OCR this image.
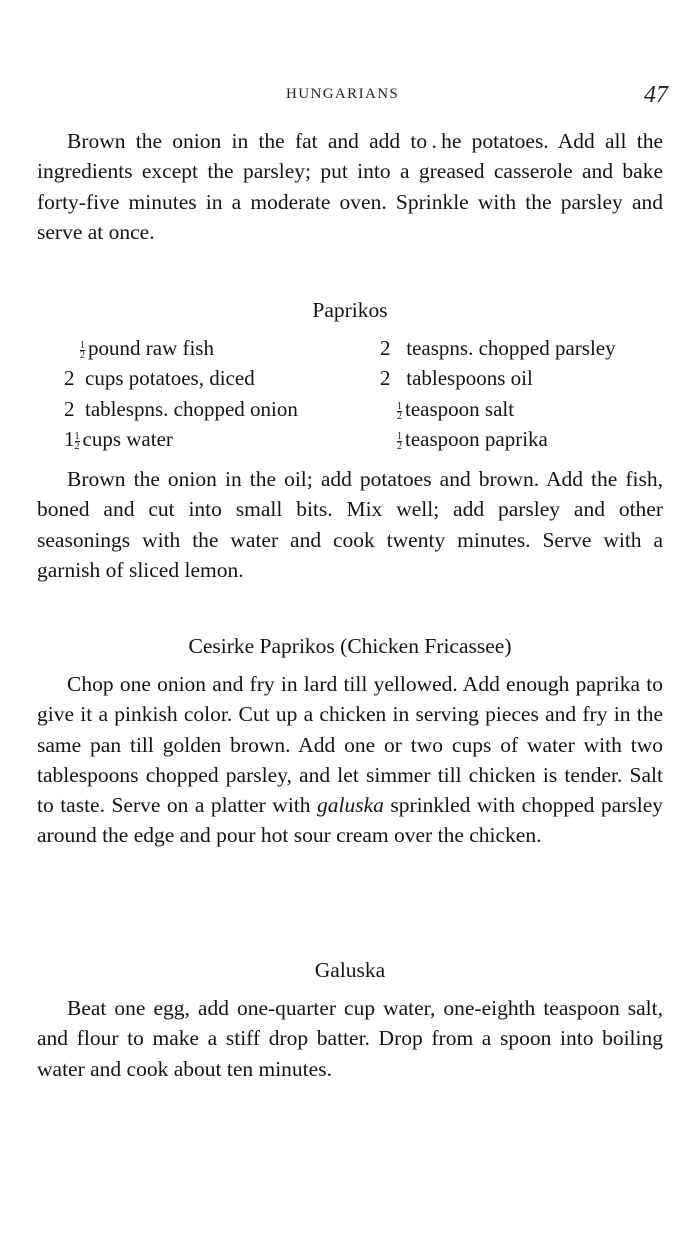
HUNGARIANS	47

Brown the onion in the fat and add to . he potatoes. Add all the ingredients except the parsley; put into a greased casserole and bake forty-five minutes in a moderate oven. Sprinkle with the parsley and serve at once.

Paprikos
$\frac{1}{2}$ pound raw fish
2 cups potatoes, diced
2 tablespns. chopped onion
$1 \frac{1}{2}$ cups water
2 teaspns. chopped parsley
2 tablespoons oil
$\frac{1}{2}$ teaspoon salt
$\frac{1}{2}$ teaspoon paprika

Brown the onion in the oil; add potatoes and brown. Add the fish, boned and cut into small bits. Mix well; add parsley and other seasonings with the water and cook twenty minutes. Serve with a garnish of sliced lemon.

Cesirke Paprikos (Chicken Fricassee)

Chop one onion and fry in lard till yellowed. Add enough paprika to give it a pinkish color. Cut up a chicken in serving pieces and fry in the same pan till golden brown. Add one or two cups of water with two tablespoons chopped parsley, and let simmer till chicken is tender. Salt to taste. Serve on a platter with galuska sprinkled with chopped parsley around the edge and pour hot sour cream over the chicken.

Galuska

Beat one egg, add one-quarter cup water, one-eighth teaspoon salt, and flour to make a stiff drop batter. Drop from a spoon into boiling water and cook about ten minutes.
